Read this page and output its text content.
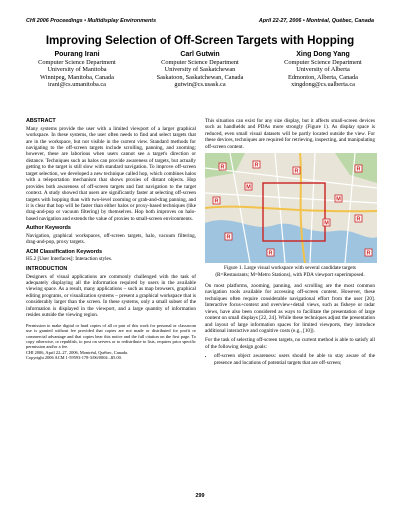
CHI 2006 Proceedings • Multidisplay Environments	April 22-27, 2006 • Montréal, Québec, Canada
Improving Selection of Off-Screen Targets with Hopping
Pourang Irani
Computer Science Department
University of Manitoba
Winnipeg, Manitoba, Canada
irani@cs.umanitoba.ca
Carl Gutwin
Computer Science Department
University of Saskatchewan
Saskatoon, Saskatchewan, Canada
gutwin@cs.usask.ca
Xing Dong Yang
Computer Science Department
University of Alberta
Edmonton, Alberta, Canada
xingdong@cs.ualberta.ca
ABSTRACT

Many systems provide the user with a limited viewport of a larger graphical workspace. In these systems, the user often needs to find and select targets that are in the workspace, but not visible in the current view. Standard methods for navigating to the off-screen targets include scrolling, panning, and zooming; however, these are laborious when users cannot see a target's direction or distance. Techniques such as halos can provide awareness of targets, but actually getting to the target is still slow with standard navigation. To improve off-screen target selection, we developed a new technique called hop, which combines halos with a teleportation mechanism that shows proxies of distant objects. Hop provides both awareness of off-screen targets and fast navigation to the target context. A study showed that users are significantly faster at selecting off-screen targets with hopping than with two-level zooming or grab-and-drag panning, and it is clear that hop will be faster than either halos or proxy-based techniques (like drag-and-pop or vacuum filtering) by themselves. Hop both improves on halo-based navigation and extends the value of proxies to small-screen environments.

Author Keywords

Navigation, graphical workspaces, off-screen targets, halo, vacuum filtering, drag-and-pop, proxy targets.

ACM Classification Keywords

H5.2 [User Interfaces]: Interaction styles.

INTRODUCTION

Designers of visual applications are commonly challenged with the task of adequately displaying all the information required by users in the available viewing space. As a result, many applications – such as map browsers, graphical editing programs, or visualization systems – present a graphical workspace that is considerably larger than the screen. In these systems, only a small subset of the information is displayed in the viewport, and a large quantity of information resides outside the viewing region.

Permission to make digital or hard copies of all or part of this work for personal or classroom use is granted without fee provided that copies are not made or distributed for profit or commercial advantage and that copies bear this notice and the full citation on the first page. To copy otherwise, or republish, to post on servers or to redistribute to lists, requires prior specific permission and/or a fee.

CHI 2006, April 22–27, 2006, Montréal, Québec, Canada.

Copyright 2006 ACM 1-59593-178-3/06/0004...$5.00.

This situation can exist for any size display, but it affects small-screen devices such as handhelds and PDAs more strongly (Figure 1). As display space is reduced, even small visual datasets will be partly located outside the view. For these devices, techniques are required for retrieving, inspecting, and manipulating off-screen content.

R	R
R
R
M
M
R
R
M
R
R
R
Figure 1. Large visual workspace with several candidate targets (R=Restaurants; M=Metro Stations), with PDA viewport superimposed.

On most platforms, zooming, panning, and scrolling are the most common navigation tools available for accessing off-screen content. However, these techniques often require considerable navigational effort from the user [20]. Interactive focus+context and overview+detail views, such as fisheye or radar views, have also been considered as ways to facilitate the presentation of large content on small displays [22, 24]. While these techniques adjust the presentation and layout of large information spaces for limited viewports, they introduce additional interactive and cognitive costs (e.g., [10]).

For the task of selecting off-screen targets, no current method is able to satisfy all of the following design goals:

• off-screen object awareness: users should be able to stay aware of the presence and locations of potential targets that are off-screen;
299
